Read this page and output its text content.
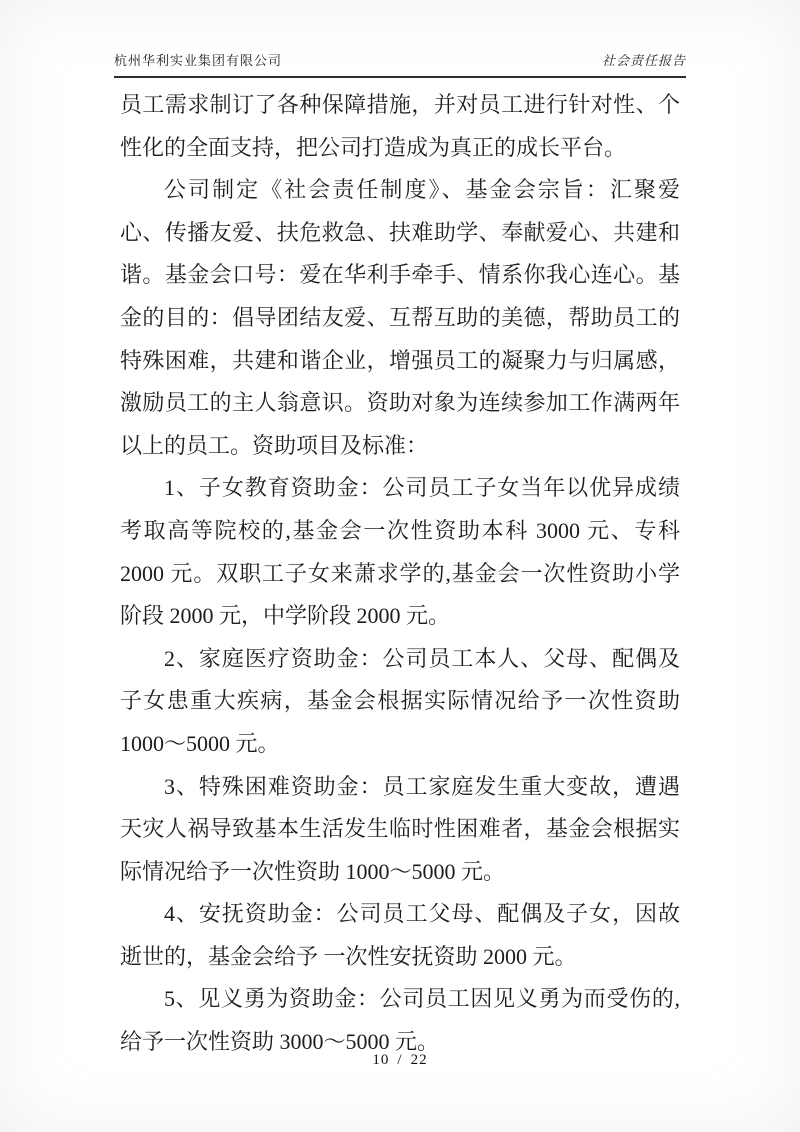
杭州华利实业集团有限公司	社会责任报告

员工需求制订了各种保障措施，并对员工进行针对性、个性化的全面支持，把公司打造成为真正的成长平台。

公司制定《社会责任制度》、基金会宗旨：汇聚爱心、传播友爱、扶危救急、扶难助学、奉献爱心、共建和谐。基金会口号：爱在华利手牵手、情系你我心连心。基金的目的：倡导团结友爱、互帮互助的美德，帮助员工的特殊困难，共建和谐企业，增强员工的凝聚力与归属感，激励员工的主人翁意识。资助对象为连续参加工作满两年以上的员工。资助项目及标准：

1、子女教育资助金：公司员工子女当年以优异成绩考取高等院校的,基金会一次性资助本科 3000 元、专科 2000 元。双职工子女来萧求学的,基金会一次性资助小学阶段 2000 元，中学阶段 2000 元。

2、家庭医疗资助金：公司员工本人、父母、配偶及子女患重大疾病，基金会根据实际情况给予一次性资助 1000～5000 元。

3、特殊困难资助金：员工家庭发生重大变故，遭遇天灾人祸导致基本生活发生临时性困难者，基金会根据实际情况给予一次性资助 1000～5000 元。

4、安抚资助金：公司员工父母、配偶及子女，因故逝世的，基金会给予 一次性安抚资助 2000 元。

5、见义勇为资助金：公司员工因见义勇为而受伤的, 给予一次性资助 3000～5000 元。

10 / 22
